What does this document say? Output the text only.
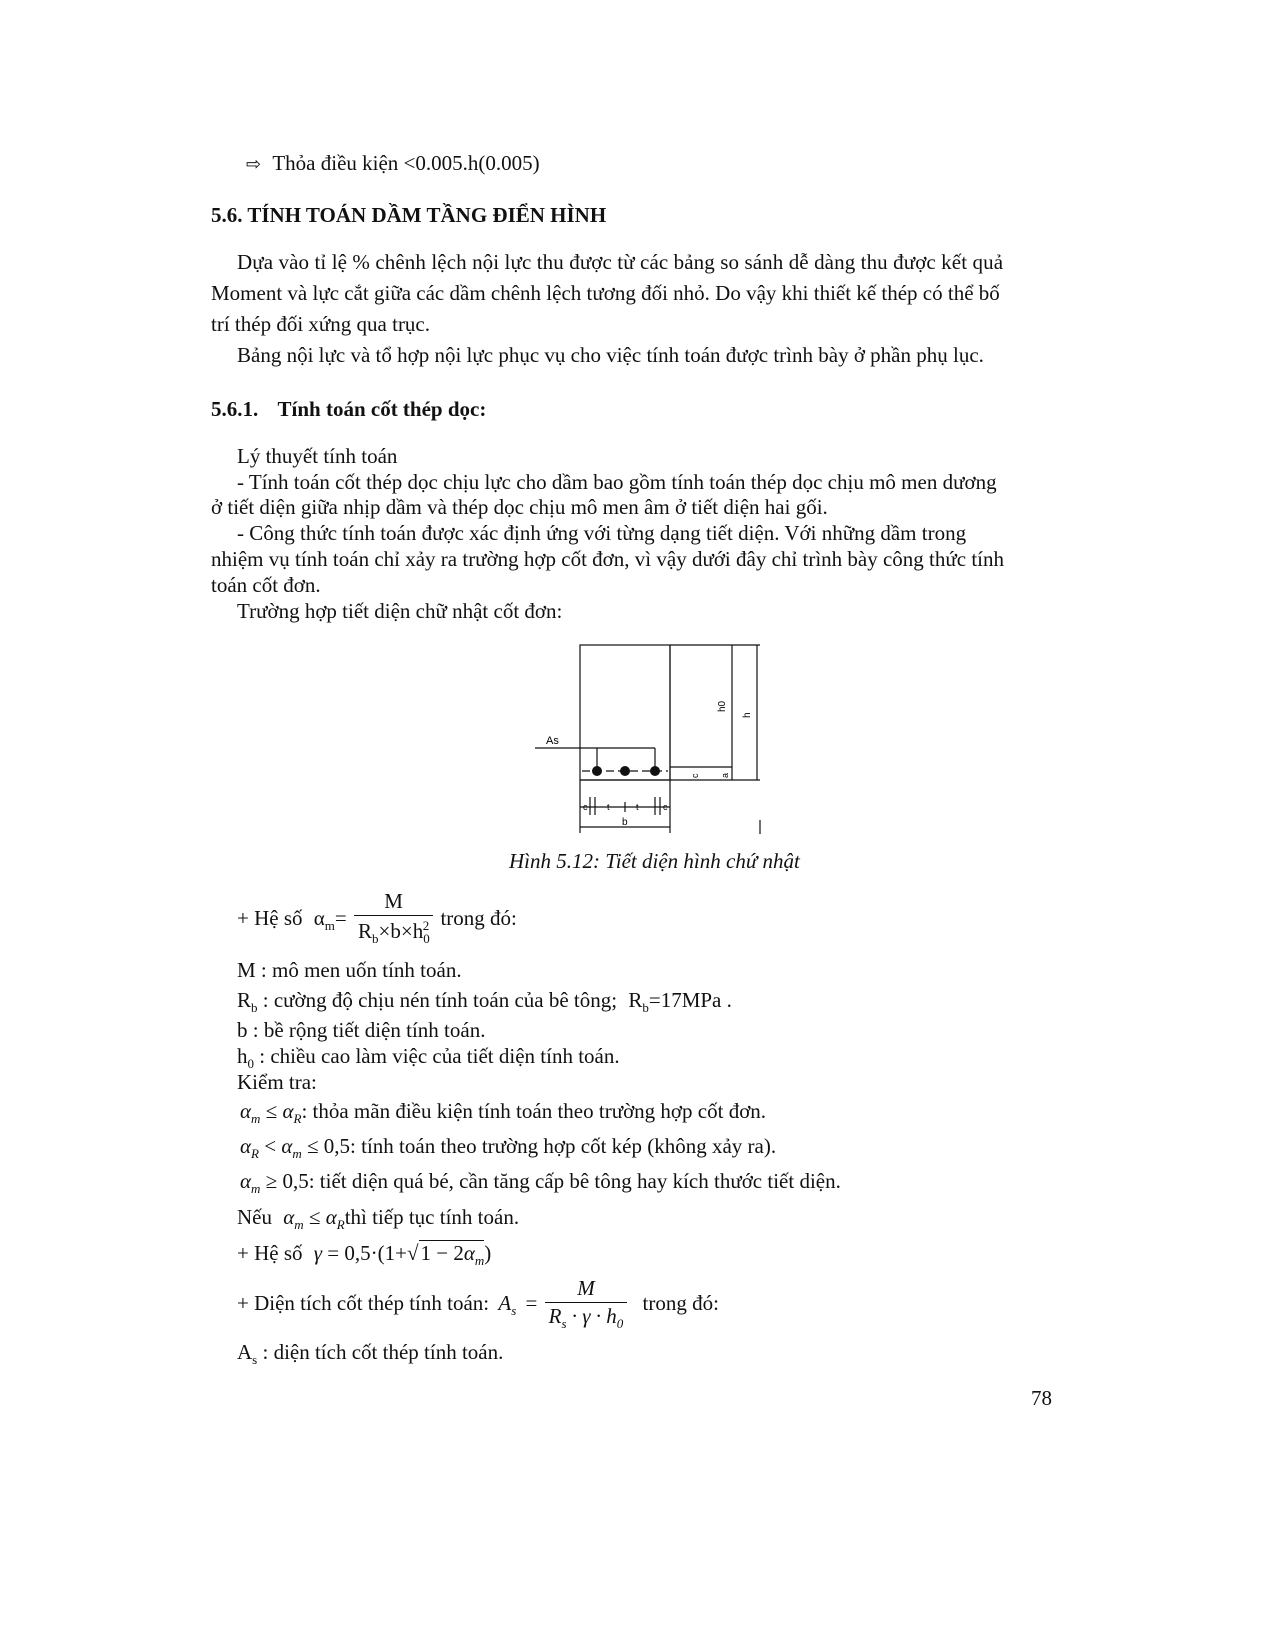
⇨ Thỏa điều kiện <0.005.h(0.005)
5.6. TÍNH TOÁN DẦM TẦNG ĐIỂN HÌNH
Dựa vào tỉ lệ % chênh lệch nội lực thu được từ các bảng so sánh dễ dàng thu được kết quả
Moment và lực cắt giữa các dầm chênh lệch tương đối nhỏ. Do vậy khi thiết kế thép có thể bố
trí thép đối xứng qua trục.
Bảng nội lực và tổ hợp nội lực phục vụ cho việc tính toán được trình bày ở phần phụ lục.
5.6.1. Tính toán cốt thép dọc:
Lý thuyết tính toán
- Tính toán cốt thép dọc chịu lực cho dầm bao gồm tính toán thép dọc chịu mô men dương
ở tiết diện giữa nhịp dầm và thép dọc chịu mô men âm ở tiết diện hai gối.
- Công thức tính toán được xác định ứng với từng dạng tiết diện. Với những dầm trong
nhiệm vụ tính toán chỉ xảy ra trường hợp cốt đơn, vì vậy dưới đây chỉ trình bày công thức tính
toán cốt đơn.
Trường hợp tiết diện chữ nhật cốt đơn:
As
h0
h
a
c
c t	t	c
b
Hình 5.12: Tiết diện hình chứ nhật
+ Hệ số $\alpha_m= \frac{M}{R_b\times b\times h_0^2}$ trong đó:
M : mô men uốn tính toán.
$R_b$ : cường độ chịu nén tính toán của bê tông; $R_b=17MPa$ .
b : bề rộng tiết diện tính toán.
$h_0$ : chiều cao làm việc của tiết diện tính toán.
Kiểm tra:
$\alpha_m \le \alpha_R$: thỏa mãn điều kiện tính toán theo trường hợp cốt đơn.
$\alpha_R < \alpha_m \le 0,5$: tính toán theo trường hợp cốt kép (không xảy ra).
$\alpha_m \ge 0,5$: tiết diện quá bé, cần tăng cấp bê tông hay kích thước tiết diện.
Nếu $\alpha_m$ ≤ $\alpha_Rthì$ tiếp tục tính toán.
+ Hệ số $\gamma = 0,5\cdot(1+√1 - 2\alpha_m)$
+ Diện tích cốt thép tính toán: $A_s = \frac{M}{R_s \cdot \gamma \cdot h_0}$ trong đó:
$A_s$ : diện tích cốt thép tính toán.
78
